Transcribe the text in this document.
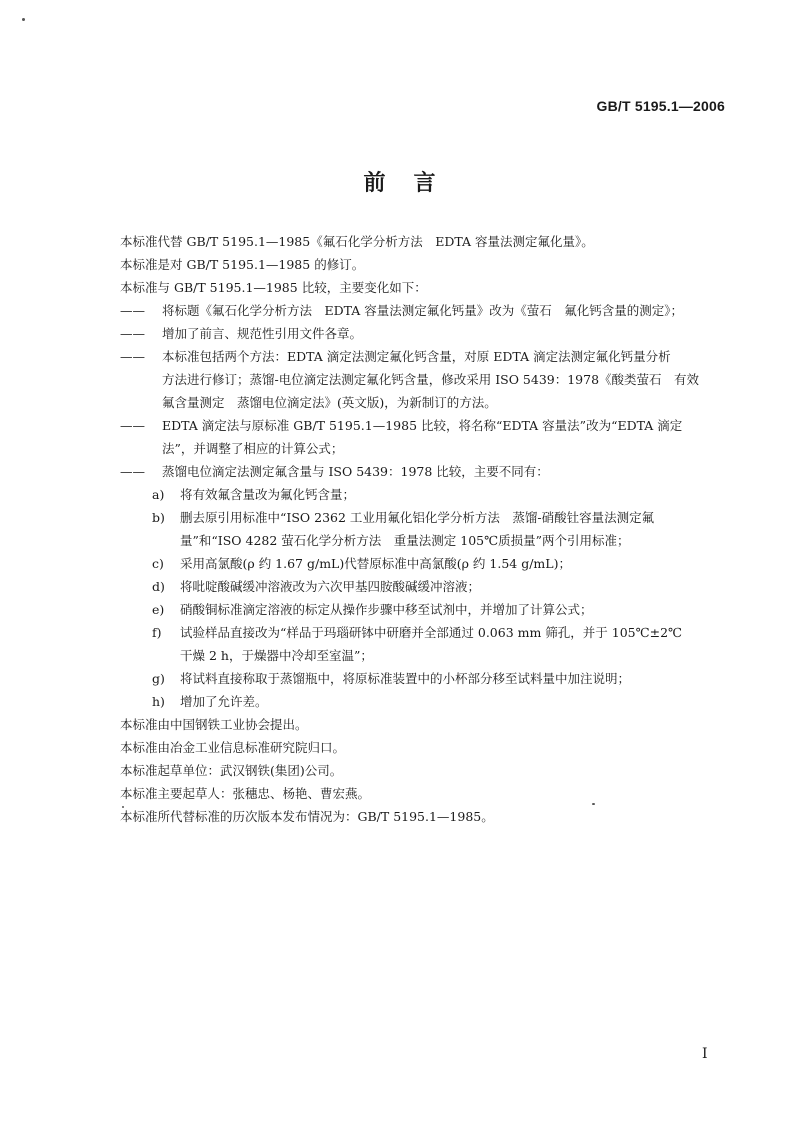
GB/T 5195.1—2006
前 言
本标准代替 GB/T 5195.1—1985《氟石化学分析方法　EDTA 容量法测定氟化量》。
本标准是对 GB/T 5195.1—1985 的修订。
本标准与 GB/T 5195.1—1985 比较，主要变化如下：
——	将标题《氟石化学分析方法　EDTA 容量法测定氟化钙量》改为《萤石　氟化钙含量的测定》；
——	增加了前言、规范性引用文件各章。
——	本标准包括两个方法：EDTA 滴定法测定氟化钙含量，对原 EDTA 滴定法测定氟化钙量分析
方法进行修订；蒸馏-电位滴定法测定氟化钙含量，修改采用 ISO 5439：1978《酸类萤石　有效
氟含量测定　蒸馏电位滴定法》(英文版)，为新制订的方法。
——	EDTA 滴定法与原标准 GB/T 5195.1—1985 比较，将名称“EDTA 容量法”改为“EDTA 滴定
法”，并调整了相应的计算公式；
——	蒸馏电位滴定法测定氟含量与 ISO 5439：1978 比较，主要不同有：
a) 将有效氟含量改为氟化钙含量；
b) 删去原引用标准中“ISO 2362 工业用氟化铝化学分析方法　蒸馏-硝酸钍容量法测定氟
量”和“ISO 4282 萤石化学分析方法　重量法测定 105℃质损量”两个引用标准；
c) 采用高氯酸(ρ 约 1.67 g/mL)代替原标准中高氯酸(ρ 约 1.54 g/mL)；
d) 将吡啶酸碱缓冲溶液改为六次甲基四胺酸碱缓冲溶液；
e) 硝酸铜标准滴定溶液的标定从操作步骤中移至试剂中，并增加了计算公式；
f) 试验样品直接改为“样品于玛瑙研钵中研磨并全部通过 0.063 mm 筛孔，并于 105℃±2℃
干燥 2 h，于燥器中冷却至室温”；
g) 将试料直接称取于蒸馏瓶中，将原标准装置中的小杯部分移至试料量中加注说明；
h) 增加了允许差。
本标准由中国钢铁工业协会提出。
本标准由冶金工业信息标准研究院归口。
本标准起草单位：武汉钢铁(集团)公司。
本标准主要起草人：张穗忠、杨艳、曹宏燕。
本标准所代替标准的历次版本发布情况为：GB/T 5195.1—1985。
I
